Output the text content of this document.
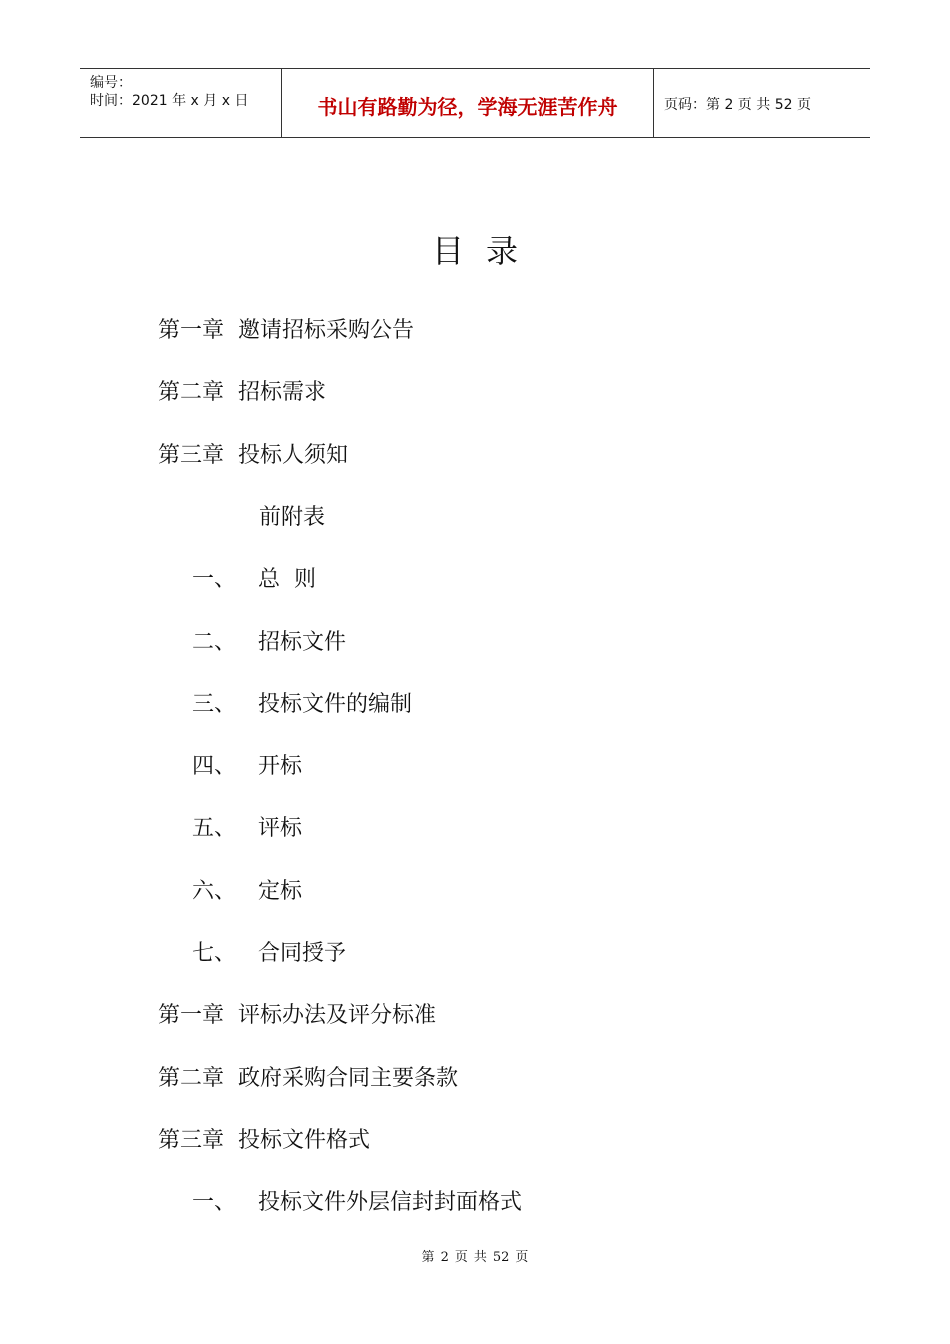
编号：
时间：2021 年 x 月 x 日	书山有路勤为径，学海无涯苦作舟	页码：第 2 页 共 52 页
目录
第一章 邀请招标采购公告
第二章 招标需求
第三章 投标人须知
前附表
一、 总  则
二、 招标文件
三、 投标文件的编制
四、 开标
五、 评标
六、 定标
七、 合同授予
第一章 评标办法及评分标准
第二章 政府采购合同主要条款
第三章 投标文件格式
一、 投标文件外层信封封面格式
第 2 页 共 52 页
